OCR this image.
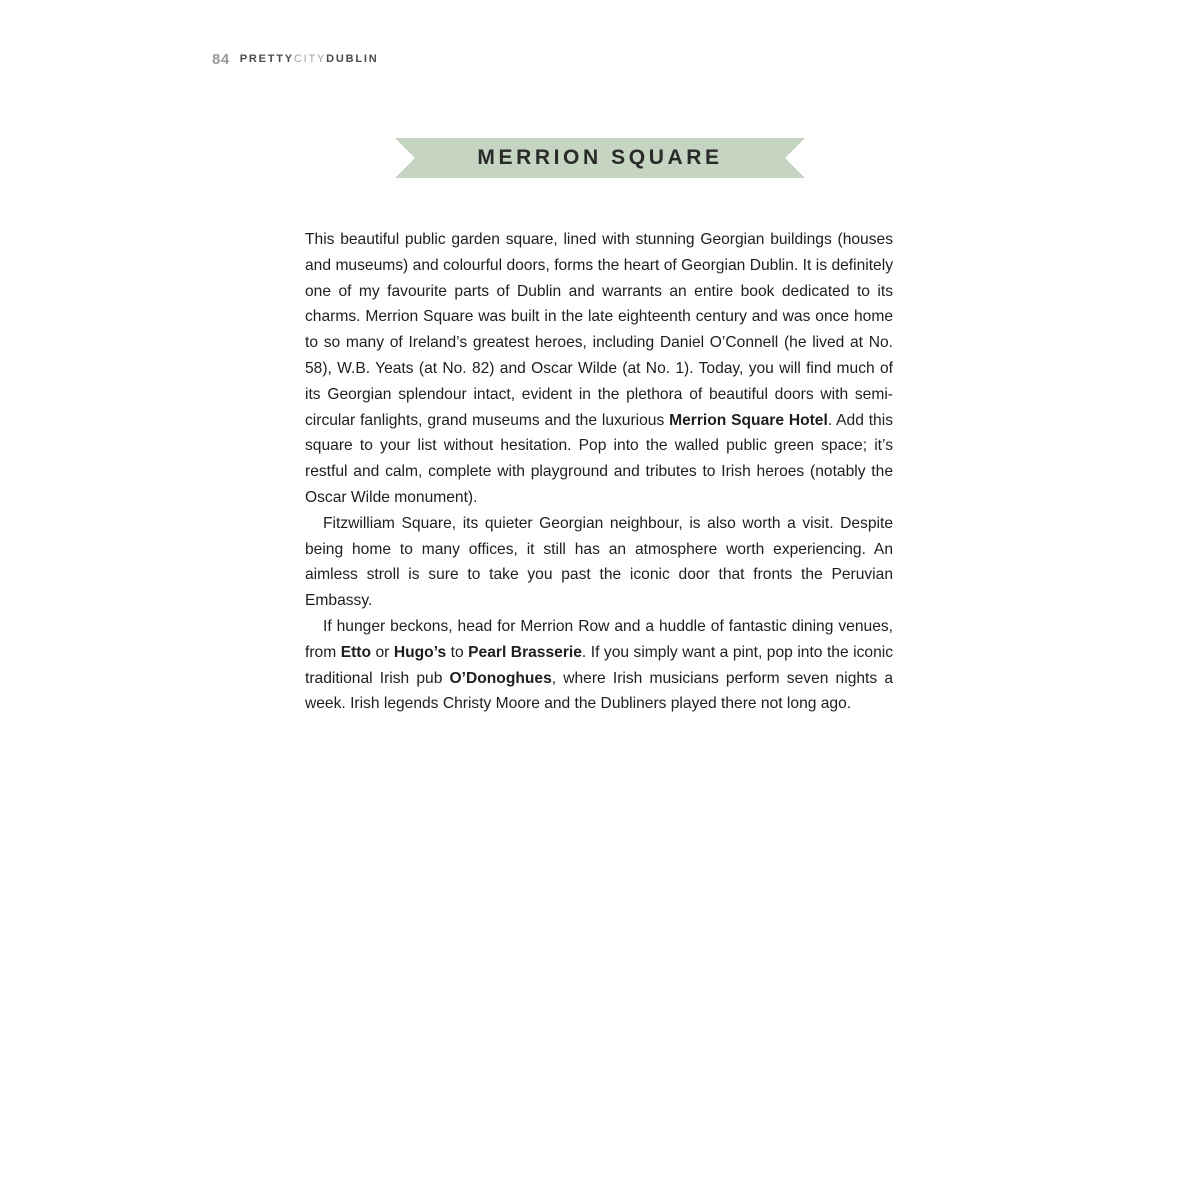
84 PRETTYCITYDUBLIN
MERRION SQUARE

This beautiful public garden square, lined with stunning Georgian buildings (houses and museums) and colourful doors, forms the heart of Georgian Dublin. It is definitely one of my favourite parts of Dublin and warrants an entire book dedicated to its charms. Merrion Square was built in the late eighteenth century and was once home to so many of Ireland’s greatest heroes, including Daniel O’Connell (he lived at No. 58), W.B. Yeats (at No. 82) and Oscar Wilde (at No. 1). Today, you will find much of its Georgian splendour intact, evident in the plethora of beautiful doors with semi-circular fanlights, grand museums and the luxurious Merrion Square Hotel. Add this square to your list without hesitation. Pop into the walled public green space; it’s restful and calm, complete with playground and tributes to Irish heroes (notably the Oscar Wilde monument).

Fitzwilliam Square, its quieter Georgian neighbour, is also worth a visit. Despite being home to many offices, it still has an atmosphere worth experiencing. An aimless stroll is sure to take you past the iconic door that fronts the Peruvian Embassy.

If hunger beckons, head for Merrion Row and a huddle of fantastic dining venues, from Etto or Hugo’s to Pearl Brasserie. If you simply want a pint, pop into the iconic traditional Irish pub O’Donoghues, where Irish musicians perform seven nights a week. Irish legends Christy Moore and the Dubliners played there not long ago.
